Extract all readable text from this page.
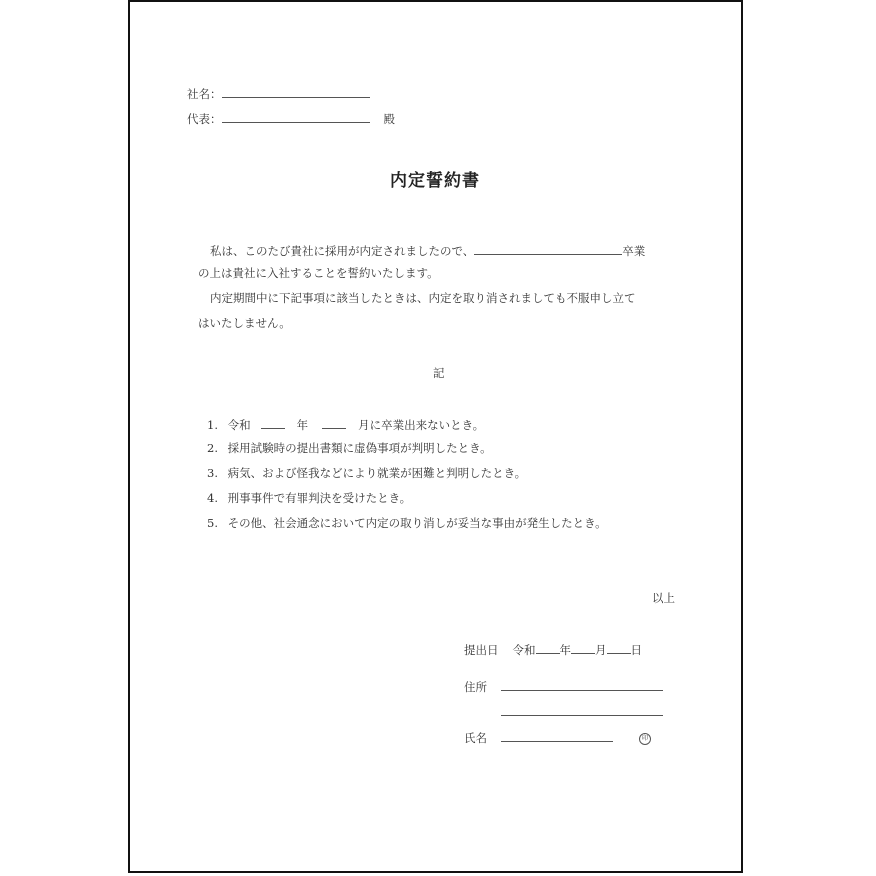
社名：
代表：	殿
内定誓約書
私は、このたび貴社に採用が内定されましたので、	卒業
の上は貴社に入社することを誓約いたします。
内定期間中に下記事項に該当したときは、内定を取り消されましても不服申し立て
はいたしません。
記
1. 令和	年	月に卒業出来ないとき。
2. 採用試験時の提出書類に虚偽事項が判明したとき。
3. 病気、および怪我などにより就業が困難と判明したとき。
4. 刑事事件で有罪判決を受けたとき。
5. その他、社会通念において内定の取り消しが妥当な事由が発生したとき。
以上
提出日 令和 年 月 日
住所
氏名	印
